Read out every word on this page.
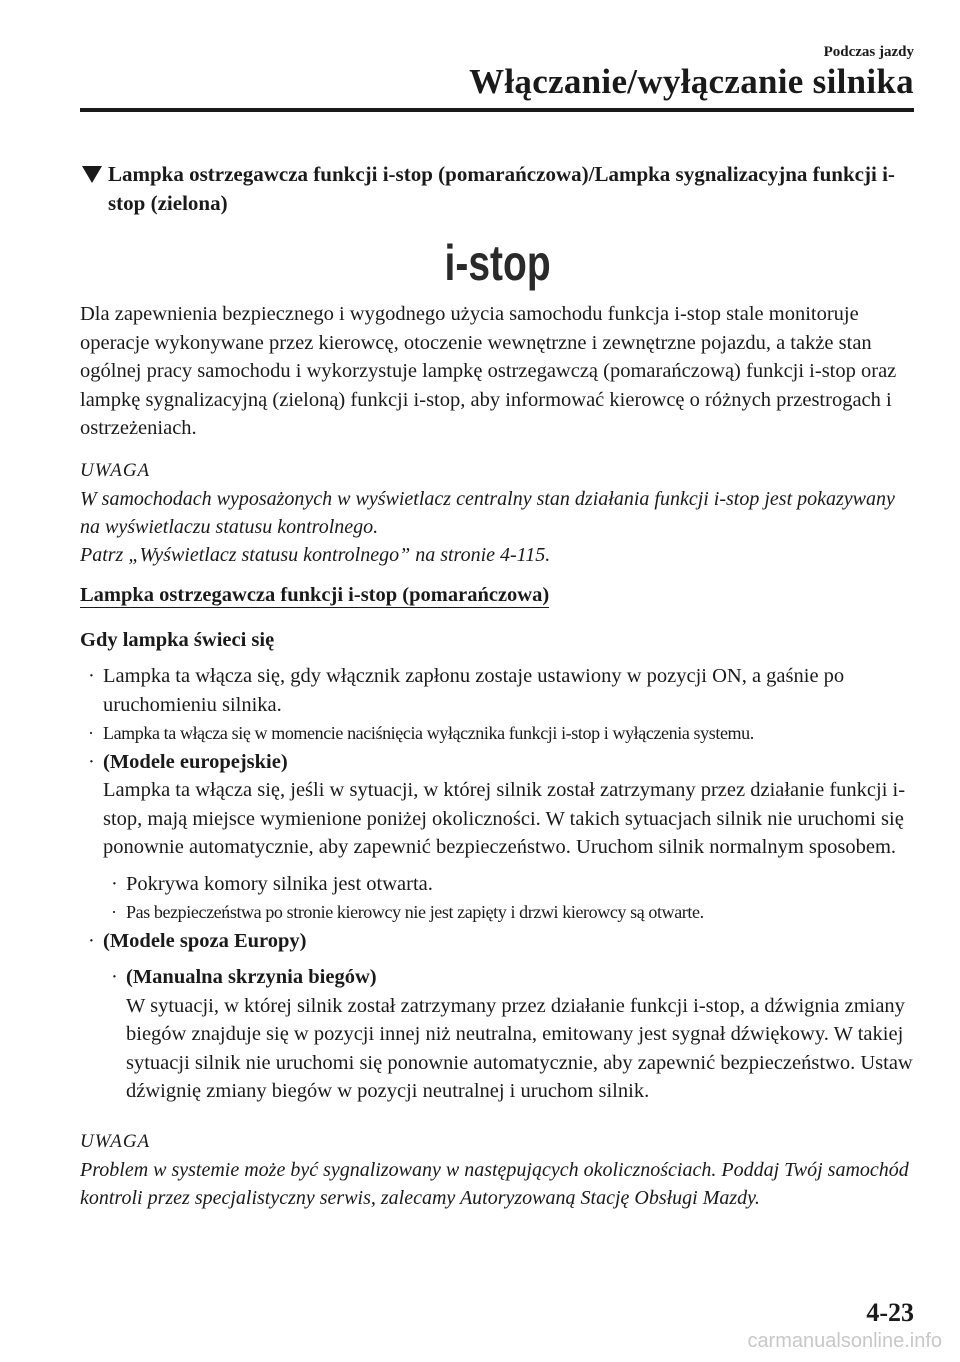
Podczas jazdy
Włączanie/wyłączanie silnika
Lampka ostrzegawcza funkcji i-stop (pomarańczowa)/Lampka sygnalizacyjna funkcji i-stop (zielona)
i-stop

Dla zapewnienia bezpiecznego i wygodnego użycia samochodu funkcja i-stop stale monitoruje operacje wykonywane przez kierowcę, otoczenie wewnętrzne i zewnętrzne pojazdu, a także stan ogólnej pracy samochodu i wykorzystuje lampkę ostrzegawczą (pomarańczową) funkcji i-stop oraz lampkę sygnalizacyjną (zieloną) funkcji i-stop, aby informować kierowcę o różnych przestrogach i ostrzeżeniach.

UWAGA

W samochodach wyposażonych w wyświetlacz centralny stan działania funkcji i-stop jest pokazywany na wyświetlaczu statusu kontrolnego.

Patrz „Wyświetlacz statusu kontrolnego” na stronie 4-115.

Lampka ostrzegawcza funkcji i-stop (pomarańczowa)
Gdy lampka świeci się
· Lampka ta włącza się, gdy włącznik zapłonu zostaje ustawiony w pozycji ON, a gaśnie po uruchomieniu silnika.
· Lampka ta włącza się w momencie naciśnięcia wyłącznika funkcji i-stop i wyłączenia systemu.
· (Modele europejskie)
Lampka ta włącza się, jeśli w sytuacji, w której silnik został zatrzymany przez działanie funkcji i-stop, mają miejsce wymienione poniżej okoliczności. W takich sytuacjach silnik nie uruchomi się ponownie automatycznie, aby zapewnić bezpieczeństwo. Uruchom silnik normalnym sposobem.
· Pokrywa komory silnika jest otwarta.
· Pas bezpieczeństwa po stronie kierowcy nie jest zapięty i drzwi kierowcy są otwarte.
· (Modele spoza Europy)
· (Manualna skrzynia biegów)
W sytuacji, w której silnik został zatrzymany przez działanie funkcji i-stop, a dźwignia zmiany biegów znajduje się w pozycji innej niż neutralna, emitowany jest sygnał dźwiękowy. W takiej sytuacji silnik nie uruchomi się ponownie automatycznie, aby zapewnić bezpieczeństwo. Ustaw dźwignię zmiany biegów w pozycji neutralnej i uruchom silnik.
UWAGA

Problem w systemie może być sygnalizowany w następujących okolicznościach. Poddaj Twój samochód kontroli przez specjalistyczny serwis, zalecamy Autoryzowaną Stację Obsługi Mazdy.

4-23
carmanualsonline.info
